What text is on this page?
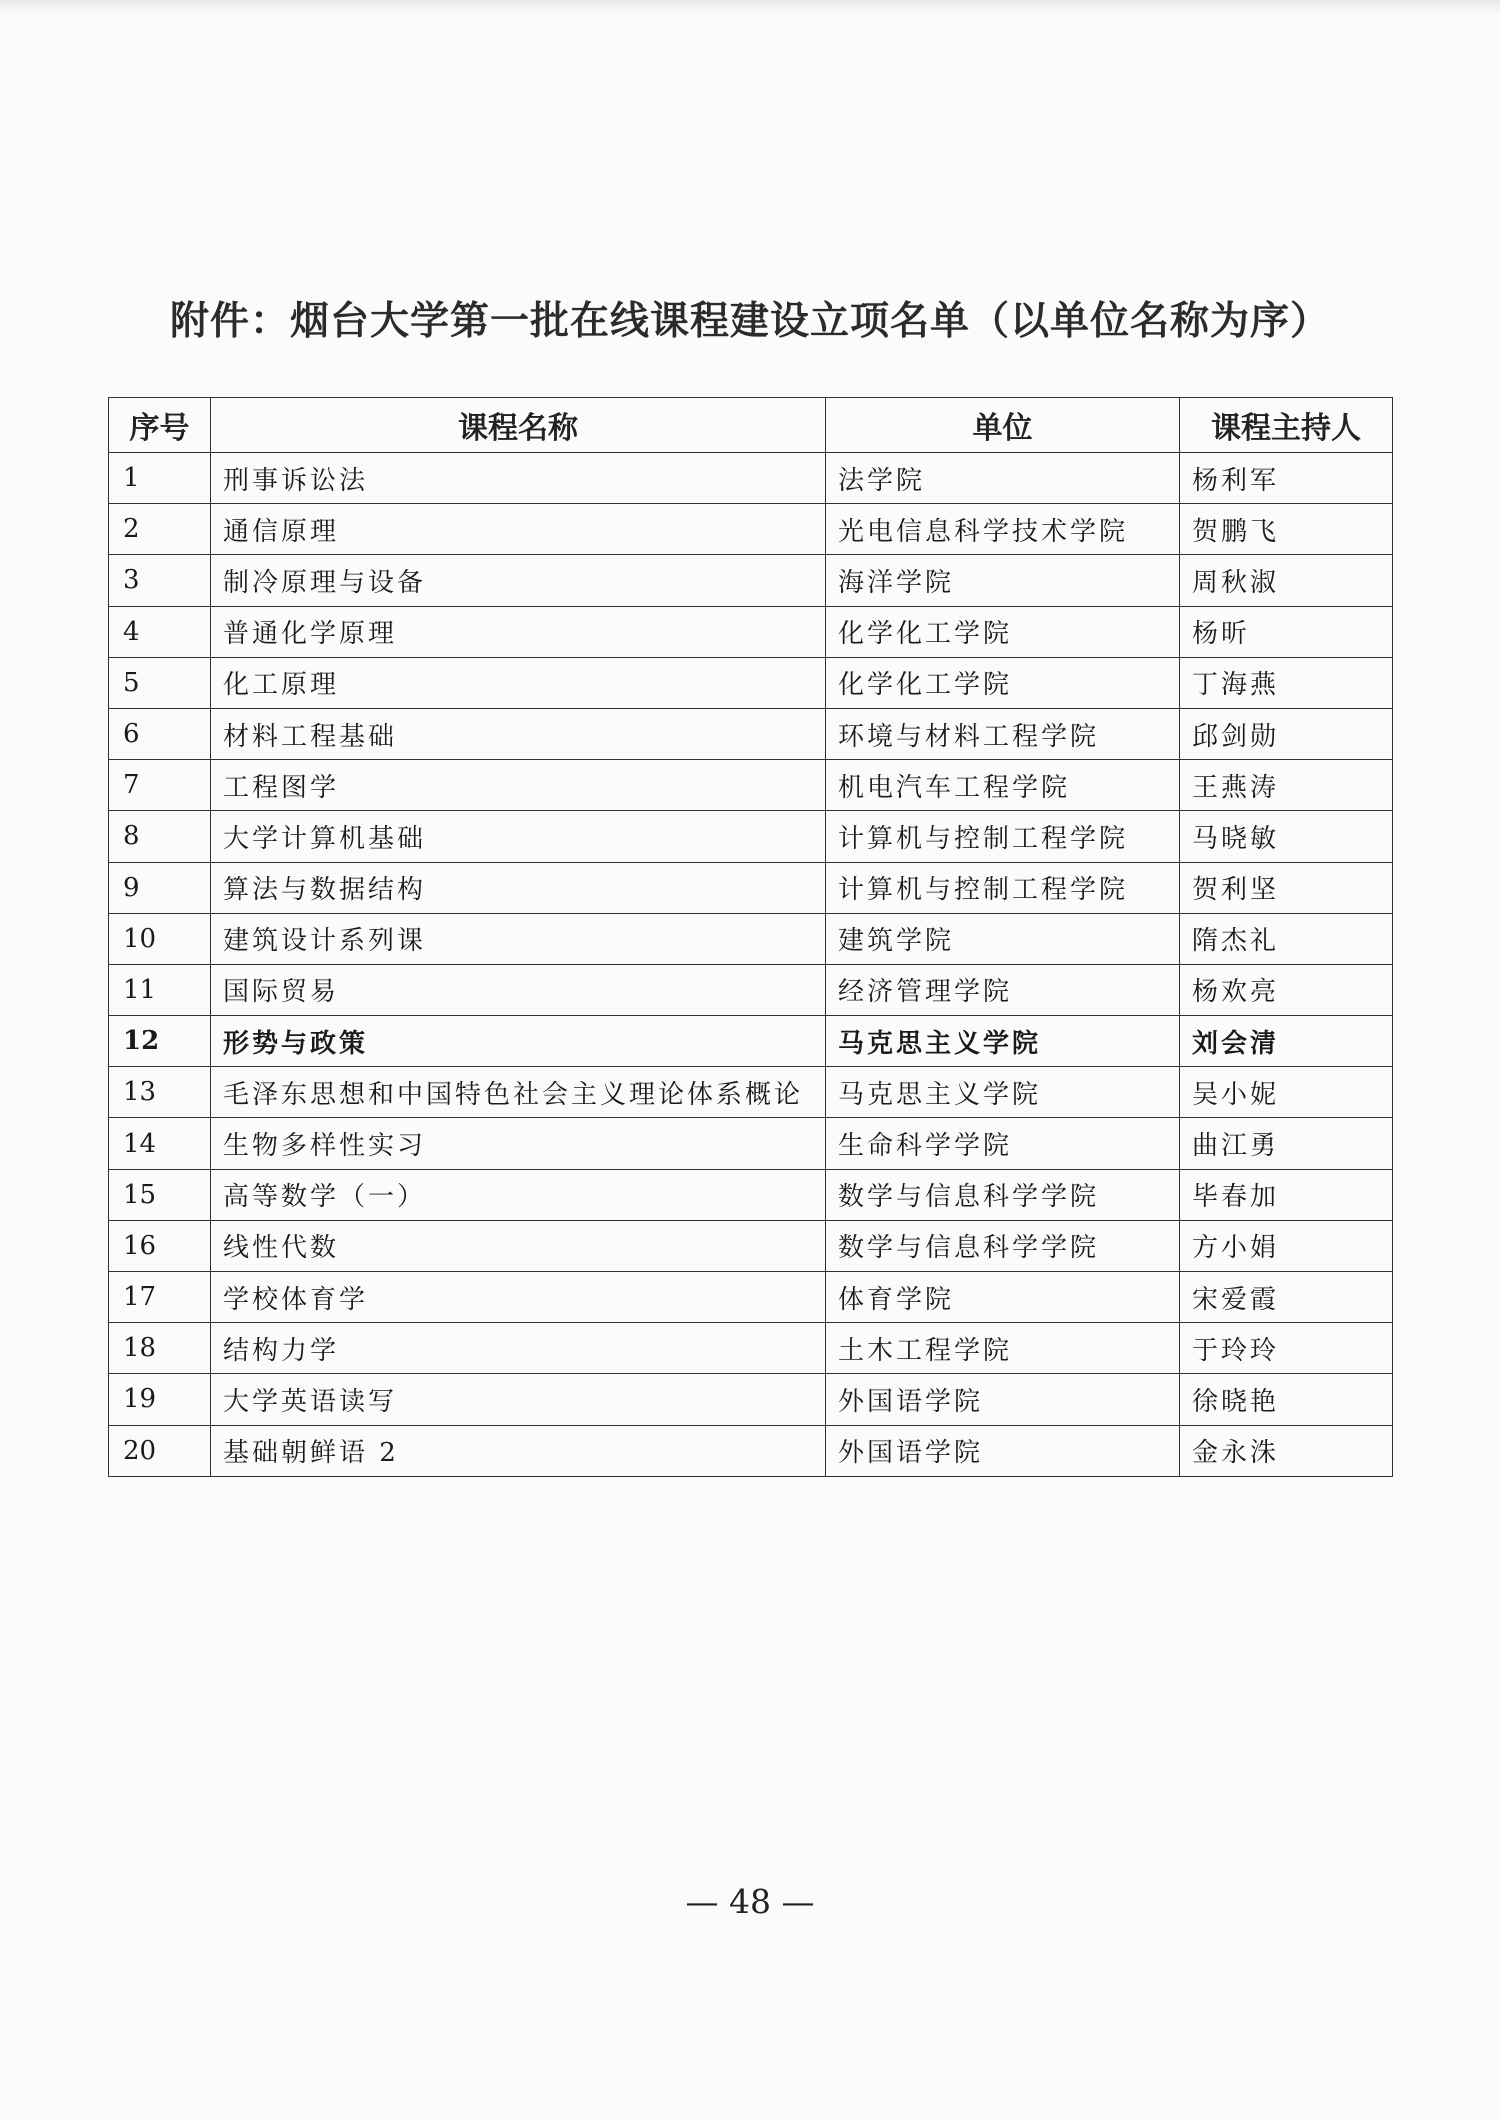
附件：烟台大学第一批在线课程建设立项名单（以单位名称为序）
序号	课程名称	单位	课程主持人
1	刑事诉讼法	法学院	杨利军
2	通信原理	光电信息科学技术学院	贺鹏飞
3	制冷原理与设备	海洋学院	周秋淑
4	普通化学原理	化学化工学院	杨昕
5	化工原理	化学化工学院	丁海燕
6	材料工程基础	环境与材料工程学院	邱剑勋
7	工程图学	机电汽车工程学院	王燕涛
8	大学计算机基础	计算机与控制工程学院	马晓敏
9	算法与数据结构	计算机与控制工程学院	贺利坚
10	建筑设计系列课	建筑学院	隋杰礼
11	国际贸易	经济管理学院	杨欢亮
12	形势与政策	马克思主义学院	刘会清
13	毛泽东思想和中国特色社会主义理论体系概论	马克思主义学院	吴小妮
14	生物多样性实习	生命科学学院	曲江勇
15	高等数学（一）	数学与信息科学学院	毕春加
16	线性代数	数学与信息科学学院	方小娟
17	学校体育学	体育学院	宋爱霞
18	结构力学	土木工程学院	于玲玲
19	大学英语读写	外国语学院	徐晓艳
20	基础朝鲜语 2	外国语学院	金永洙
— 48 —
